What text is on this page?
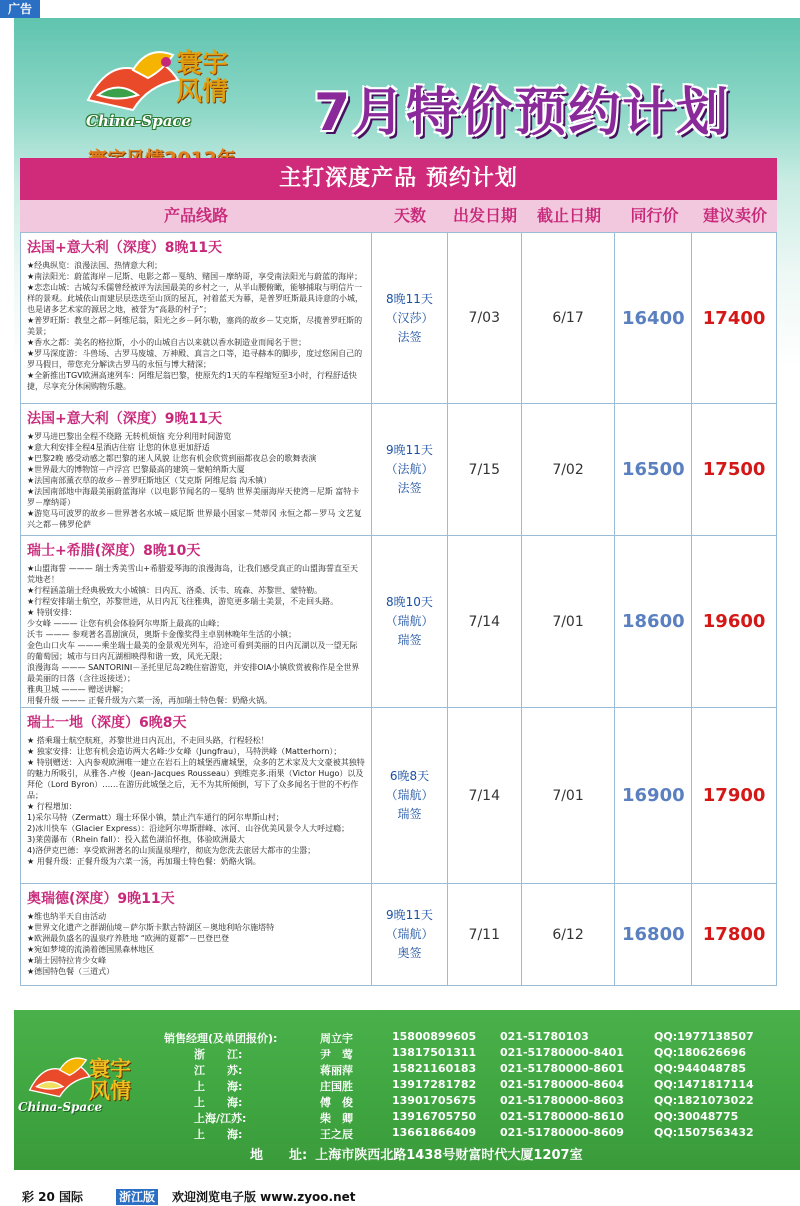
广告
China-Space
寰宇风情 7月特价预约计划
主打深度产品 预约计划
产品线路	天数	出发日期	截止日期	同行价	建议卖价
法国+意大利（深度）8晚11天
★经典纵览：浪漫法国、热情意大利；
★南法阳光：蔚蓝海岸－尼斯、电影之都－戛纳、赌国－摩纳哥，享受南法阳光与蔚蓝的海岸；
★恋恋山城：古城勾禾儒曾经被评为法国最美的乡村之一，从半山腰俯瞰，能够捕取与明信片一样的景观。此城依山而建层层迭迭至山顶的屋瓦，衬着蓝天为幕，是普罗旺斯最具诗意的小城，也是诸多艺术家的源居之地，被誉为“高悬的村子”；
★普罗旺斯：教皇之都－阿维尼翁，阳光之乡－阿尔勒，塞尚的故乡－艾克斯，尽揽普罗旺斯的美景；
★香水之都：美名的格拉斯，小小的山城自古以来就以香水制造业而闻名于世；
★罗马深度游：斗兽场、古罗马废墟、万神殿、真言之口等，追寻赫本的脚步，度过悠闲自己的罗马假日，带您充分解读古罗马的永恒与博大精深；
★全新推出TGV欧洲高速列车：阿维尼翁巴黎，使原先约1天的车程缩短至3小时，行程舒适快捷，尽享充分休闲购物乐趣。
8晚11天
（汉莎）
法签
7/03	6/17	16400	17400
法国+意大利（深度）9晚11天
★罗马进巴黎出全程不绕路 无转机烦恼 充分利用时间游览
★意大利安排全程4星酒店住宿 让您的休息更加舒适
★巴黎2晚 感受动感之都巴黎的迷人风貌 让您有机会欣赏到丽都夜总会的歌舞表演
★世界最大的博物馆－卢浮宫 巴黎最高的建筑－蒙帕纳斯大厦
★法国南部薰衣草的故乡－普罗旺斯地区（艾克斯 阿维尼翁 沟禾镇）
★法国南部地中海最美丽蔚蓝海岸（以电影节闻名的－戛纳 世界美丽海岸天使湾－尼斯 富特卡罗－摩纳哥）
★游览马可波罗的故乡－世界著名水城－威尼斯 世界最小国家－梵蒂冈 永恒之都－罗马 文艺复兴之都－佛罗伦萨
9晚11天
（法航）
法签
7/15	7/02	16500	17500
瑞士+希腊(深度）8晚10天
★山盟海誓 ——— 瑞士秀美雪山+希腊爱琴海的浪漫海岛，让我们感受真正的山盟海誓直至天荒地老！
★行程涵盖瑞士经典极致大小城镇：日内瓦、洛桑、沃韦、琉森、苏黎世、蒙特勒。
★行程安排瑞士航空，苏黎世进，从日内瓦飞往雅典，游览更多瑞士美景，不走回头路。
★ 特别安排：
少女峰 ——— 让您有机会体验阿尔卑斯上最高的山峰；
沃韦 ——— 参观著名喜剧演员，奥斯卡金像奖得主卓别林晚年生活的小镇；
金色山口火车 ———乘坐瑞士最美的金景观光列车，沿途可看到美丽的日内瓦湖以及一望无际的葡萄园；城市与日内瓦湖相映得和谐一致，风光无限；
浪漫海岛 ——— SANTORINI－圣托里尼岛2晚住宿游览，并安排OIA小镇欣赏被称作是全世界最美丽的日落（含往返接送）；
雅典卫城 ——— 赠送讲解；
用餐升级 ——— 正餐升级为六菜一汤，再加瑞士特色餐：奶酪火锅。
8晚10天
（瑞航）
瑞签
7/14	7/01	18600	19600
瑞士一地（深度）6晚8天
★ 搭乘瑞士航空航班，苏黎世进日内瓦出，不走回头路，行程轻松！
★ 独家安排：让您有机会造访两大名峰:少女峰（Jungfrau），马特洪峰（Matterhorn）；
★ 特别赠送：入内参观欧洲唯一建立在岩石上的城堡西庸城堡，众多的艺术家及大文豪被其独特的魅力所吸引，从雅各.卢梭（Jean-Jacques Rousseau）到维克多.雨果（Victor Hugo）以及拜伦（Lord Byron）……在游历此城堡之后，无不为其所倾倒，写下了众多闻名于世的不朽作品；
★ 行程增加：
1)采尔马特（Zermatt）瑞士环保小镇，禁止汽车通行的阿尔卑斯山村；
2)冰川快车（Glacier Express）：沿途阿尔卑斯群峰、冰河、山谷优美风景令人大呼过瘾；
3)莱茵瀑布（Rhein fall）：投入蓝色湖泊怀抱，体验欧洲最大
4)洛伊克巴德：享受欧洲著名的山顶温泉理疗，彻底为您洗去旅居大都市的尘嚣；
★ 用餐升级：正餐升级为六菜一汤，再加瑞士特色餐：奶酪火锅。
6晚8天
（瑞航）
瑞签
7/14	7/01	16900	17900
奥瑞德(深度）9晚11天
★维也纳半天自由活动
★世界文化遗产之群湖仙境－萨尔斯卡默古特湖区－奥地利哈尔施塔特
★欧洲最负盛名的温泉疗养胜地 “欧洲的夏都”－巴登巴登
★宛如梦境的流淌着德国黑森林地区
★瑞士因特拉肯少女峰
★德国特色餐（三道式）
9晚11天
（瑞航）
奥签
7/11	6/12	16800	17800
China-Space
寰宇风情
销售经理(及单团报价):	周立宇	15800899605 021-51780103	QQ:1977138507
浙　　江:	尹　莺	13817501311 021-51780000-8401	QQ:180626696
江　　苏:	蒋丽萍	15821160183 021-51780000-8601	QQ:944048785
上　　海:	庄国胜	13917281782 021-51780000-8604	QQ:1471817114
上　　海:	傅　俊	13901705675 021-51780000-8603	QQ:1821073022
上海/江苏:	柴　卿	13916705750 021-51780000-8610	QQ:30048775
上　　海:	王之辰	13661866409 021-51780000-8609	QQ:1507563432
地　　址: 上海市陕西北路1438号财富时代大厦1207室
彩 20 国际	浙江版 欢迎浏览电子版 www.zyoo.net
